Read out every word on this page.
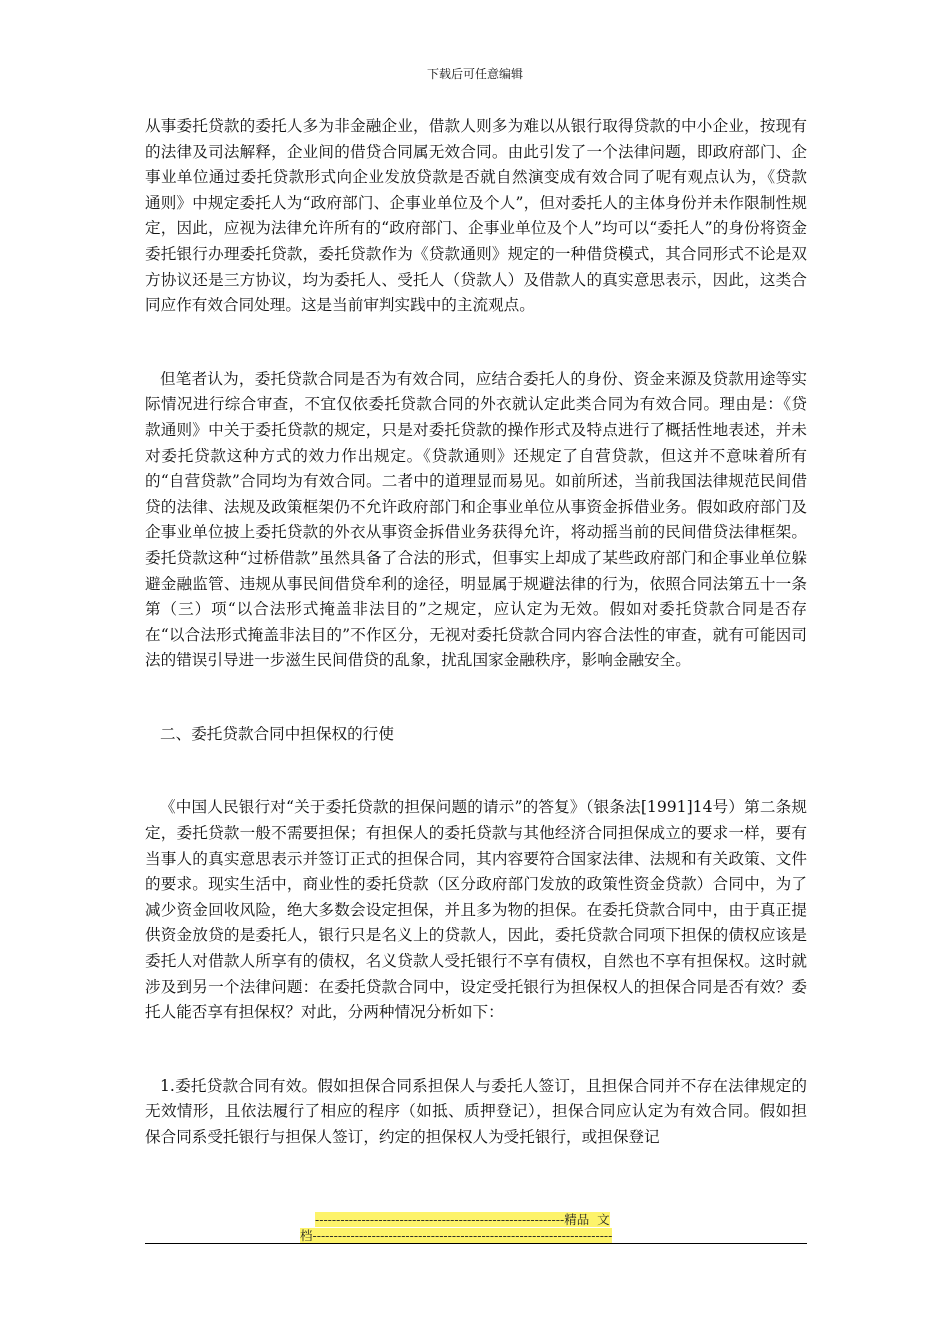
下载后可任意编辑

从事委托贷款的委托人多为非金融企业，借款人则多为难以从银行取得贷款的中小企业，按现有的法律及司法解释，企业间的借贷合同属无效合同。由此引发了一个法律问题，即政府部门、企事业单位通过委托贷款形式向企业发放贷款是否就自然演变成有效合同了呢有观点认为，《贷款通则》中规定委托人为“政府部门、企事业单位及个人”，但对委托人的主体身份并未作限制性规定，因此，应视为法律允许所有的“政府部门、企事业单位及个人”均可以“委托人”的身份将资金委托银行办理委托贷款，委托贷款作为《贷款通则》规定的一种借贷模式，其合同形式不论是双方协议还是三方协议，均为委托人、受托人（贷款人）及借款人的真实意思表示，因此，这类合同应作有效合同处理。这是当前审判实践中的主流观点。

但笔者认为，委托贷款合同是否为有效合同，应结合委托人的身份、资金来源及贷款用途等实际情况进行综合审查，不宜仅依委托贷款合同的外衣就认定此类合同为有效合同。理由是：《贷款通则》中关于委托贷款的规定，只是对委托贷款的操作形式及特点进行了概括性地表述，并未对委托贷款这种方式的效力作出规定。《贷款通则》还规定了自营贷款，但这并不意味着所有的“自营贷款”合同均为有效合同。二者中的道理显而易见。如前所述，当前我国法律规范民间借贷的法律、法规及政策框架仍不允许政府部门和企事业单位从事资金拆借业务。假如政府部门及企事业单位披上委托贷款的外衣从事资金拆借业务获得允许，将动摇当前的民间借贷法律框架。委托贷款这种“过桥借款”虽然具备了合法的形式，但事实上却成了某些政府部门和企事业单位躲避金融监管、违规从事民间借贷牟利的途径，明显属于规避法律的行为，依照合同法第五十一条第（三）项“以合法形式掩盖非法目的”之规定，应认定为无效。假如对委托贷款合同是否存在“以合法形式掩盖非法目的”不作区分，无视对委托贷款合同内容合法性的审查，就有可能因司法的错误引导进一步滋生民间借贷的乱象，扰乱国家金融秩序，影响金融安全。

二、委托贷款合同中担保权的行使

《中国人民银行对“关于委托贷款的担保问题的请示”的答复》（银条法[1991]14号）第二条规定，委托贷款一般不需要担保；有担保人的委托贷款与其他经济合同担保成立的要求一样，要有当事人的真实意思表示并签订正式的担保合同，其内容要符合国家法律、法规和有关政策、文件的要求。现实生活中，商业性的委托贷款（区分政府部门发放的政策性资金贷款）合同中，为了减少资金回收风险，绝大多数会设定担保，并且多为物的担保。在委托贷款合同中，由于真正提供资金放贷的是委托人，银行只是名义上的贷款人，因此，委托贷款合同项下担保的债权应该是委托人对借款人所享有的债权，名义贷款人受托银行不享有债权，自然也不享有担保权。这时就涉及到另一个法律问题：在委托贷款合同中，设定受托银行为担保权人的担保合同是否有效？委托人能否享有担保权？对此，分两种情况分析如下：

1.委托贷款合同有效。假如担保合同系担保人与委托人签订，且担保合同并不存在法律规定的无效情形，且依法履行了相应的程序（如抵、质押登记），担保合同应认定为有效合同。假如担保合同系受托银行与担保人签订，约定的担保权人为受托银行，或担保登记

-----------------------------------------------------------精品  文
档-----------------------------------------------------------------------
